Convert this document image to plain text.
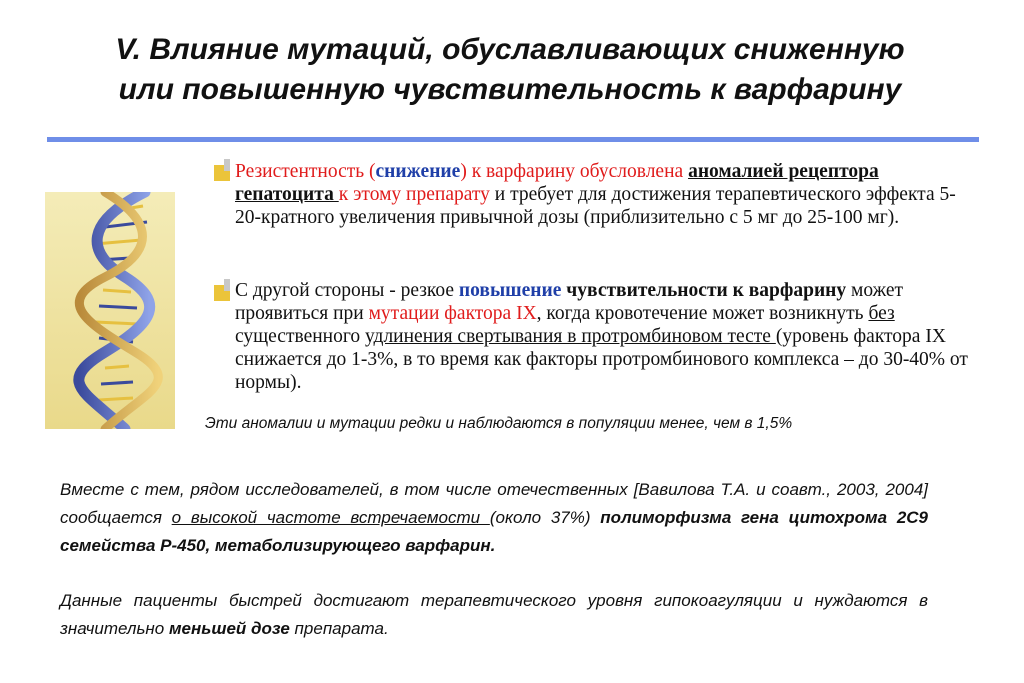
V. Влияние мутаций, обуславливающих сниженную
или повышенную чувствительность к варфарину
Резистентность (снижение) к варфарину обусловлена аномалией рецептора гепатоцита к этому препарату и требует для достижения терапевтического эффекта 5-20-кратного увеличения привычной дозы (приблизительно с 5 мг до 25-100 мг).
С другой стороны - резкое повышение чувствительности к варфарину может проявиться при мутации фактора IX, когда кровотечение может возникнуть без существенного удлинения свертывания в протромбиновом тесте (уровень фактора IX снижается до 1-3%, в то время как факторы протромбинового комплекса – до 30-40% от нормы).
Эти аномалии и мутации редки и наблюдаются в популяции менее, чем в 1,5%
Вместе с тем, рядом исследователей, в том числе отечественных [Вавилова Т.А. и соавт., 2003, 2004] сообщается о высокой частоте встречаемости (около 37%) полиморфизма гена цитохрома 2С9 семейства Р-450, метаболизирующего варфарин.
Данные пациенты быстрей достигают терапевтического уровня гипокоагуляции и нуждаются в значительно меньшей дозе препарата.
